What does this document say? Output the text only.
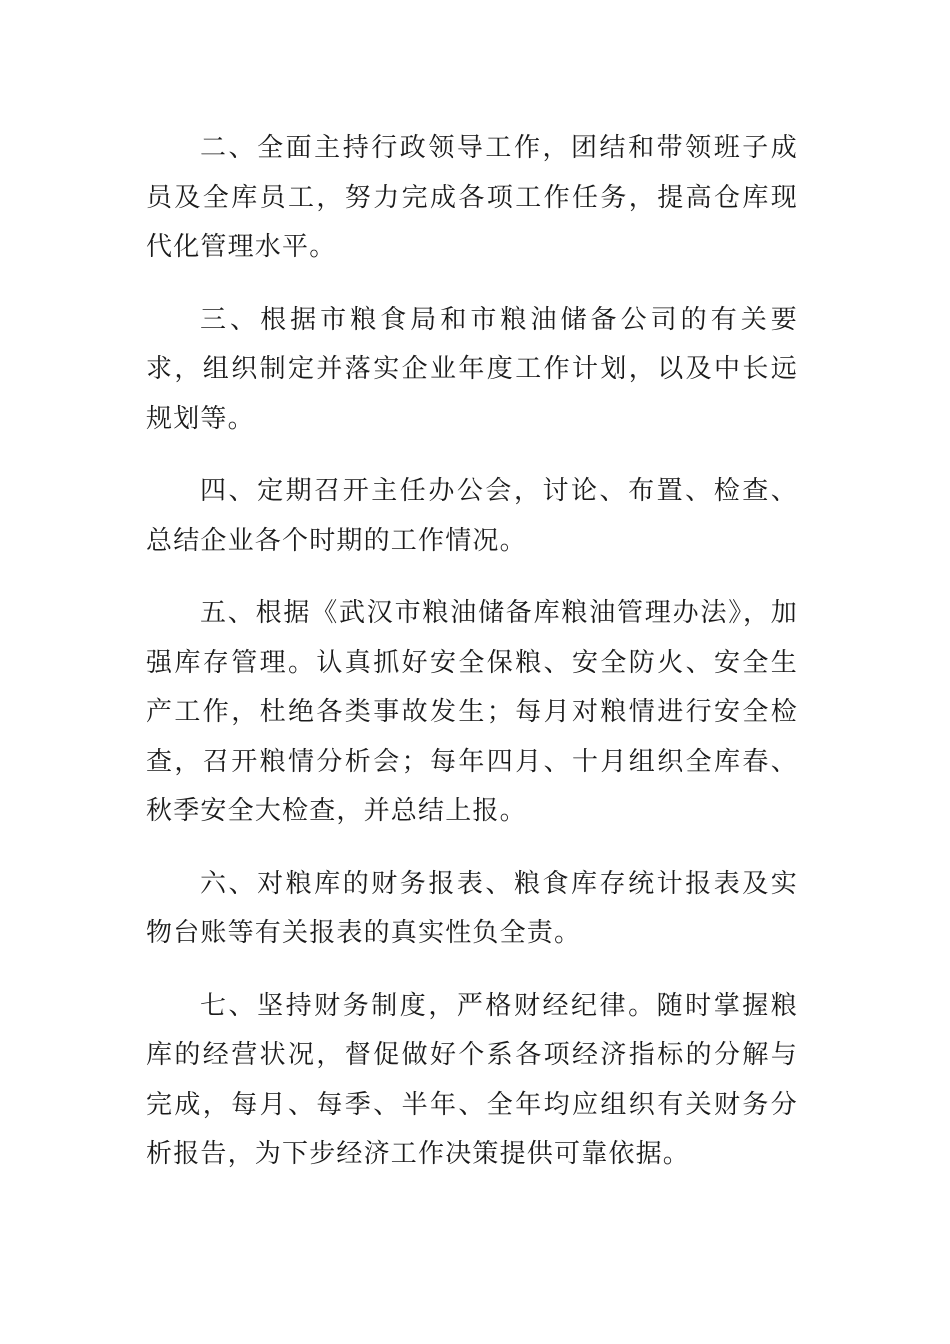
二、全面主持行政领导工作，团结和带领班子成员及全库员工，努力完成各项工作任务，提高仓库现代化管理水平。

三、根据市粮食局和市粮油储备公司的有关要求，组织制定并落实企业年度工作计划，以及中长远规划等。

四、定期召开主任办公会，讨论、布置、检查、总结企业各个时期的工作情况。

五、根据《武汉市粮油储备库粮油管理办法》，加强库存管理。认真抓好安全保粮、安全防火、安全生产工作，杜绝各类事故发生；每月对粮情进行安全检查，召开粮情分析会；每年四月、十月组织全库春、秋季安全大检查，并总结上报。

六、对粮库的财务报表、粮食库存统计报表及实物台账等有关报表的真实性负全责。

七、坚持财务制度，严格财经纪律。随时掌握粮库的经营状况，督促做好个系各项经济指标的分解与完成，每月、每季、半年、全年均应组织有关财务分析报告，为下步经济工作决策提供可靠依据。
